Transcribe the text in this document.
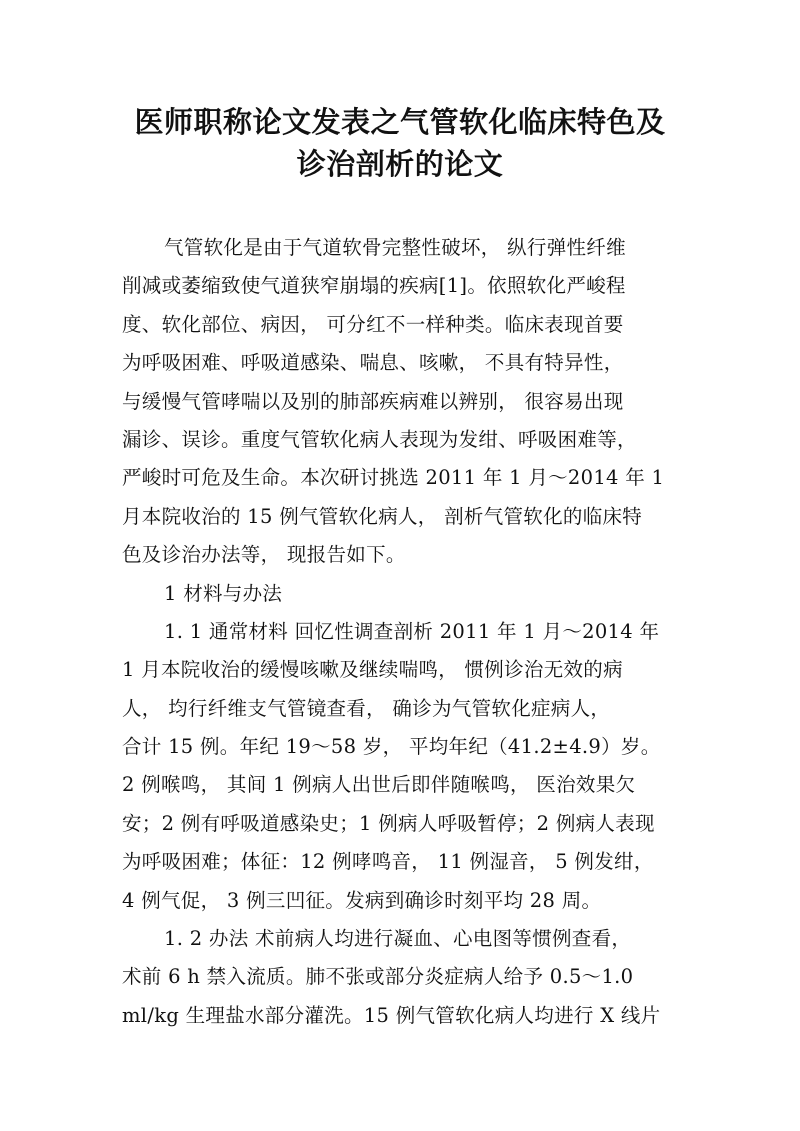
医师职称论文发表之气管软化临床特色及
诊治剖析的论文
气管软化是由于气道软骨完整性破坏， 纵行弹性纤维
削减或萎缩致使气道狭窄崩塌的疾病[1]。依照软化严峻程
度、软化部位、病因， 可分红不一样种类。临床表现首要
为呼吸困难、呼吸道感染、喘息、咳嗽， 不具有特异性，
与缓慢气管哮喘以及别的肺部疾病难以辨别， 很容易出现
漏诊、误诊。重度气管软化病人表现为发绀、呼吸困难等，
严峻时可危及生命。本次研讨挑选 2011 年 1 月～2014 年 1
月本院收治的 15 例气管软化病人， 剖析气管软化的临床特
色及诊治办法等， 现报告如下。
1 材料与办法
1. 1 通常材料 回忆性调查剖析 2011 年 1 月～2014 年
1 月本院收治的缓慢咳嗽及继续喘鸣， 惯例诊治无效的病
人， 均行纤维支气管镜查看， 确诊为气管软化症病人，
合计 15 例。年纪 19～58 岁， 平均年纪（41.2±4.9）岁。
2 例喉鸣， 其间 1 例病人出世后即伴随喉鸣， 医治效果欠
安；2 例有呼吸道感染史；1 例病人呼吸暂停；2 例病人表现
为呼吸困难；体征：12 例哮鸣音， 11 例湿音， 5 例发绀，
4 例气促， 3 例三凹征。发病到确诊时刻平均 28 周。
1. 2 办法 术前病人均进行凝血、心电图等惯例查看，
术前 6 h 禁入流质。肺不张或部分炎症病人给予 0.5～1.0
ml/kg 生理盐水部分灌洗。15 例气管软化病人均进行 X 线片
